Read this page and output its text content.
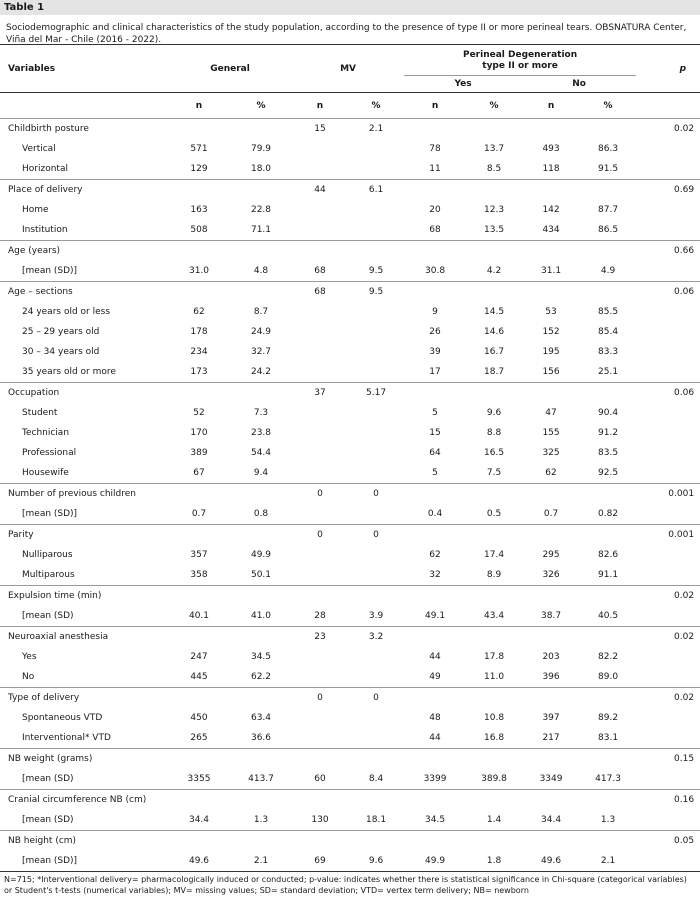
Table 1
Sociodemographic and clinical characteristics of the study population, according to the presence of type II or more perineal tears. OBSNATURA Center, Viña del Mar - Chile (2016 - 2022).
Variables	General		MV		Perineal Degeneration
type II or more				p
					Yes		No		
	n	%	n	%	n	%	n	%	
Childbirth posture			15	2.1					0.02
Vertical	571	79.9			78	13.7	493	86.3	
Horizontal	129	18.0			11	8.5	118	91.5	
Place of delivery			44	6.1					0.69
Home	163	22.8			20	12.3	142	87.7	
Institution	508	71.1			68	13.5	434	86.5	
Age (years)									0.66
[mean (SD)]	31.0	4.8	68	9.5	30.8	4.2	31.1	4.9	
Age – sections			68	9.5					0.06
24 years old or less	62	8.7			9	14.5	53	85.5	
25 – 29 years old	178	24.9			26	14.6	152	85.4	
30 – 34 years old	234	32.7			39	16.7	195	83.3	
35 years old or more	173	24.2			17	18.7	156	25.1	
Occupation			37	5.17					0.06
Student	52	7.3			5	9.6	47	90.4	
Technician	170	23.8			15	8.8	155	91.2	
Professional	389	54.4			64	16.5	325	83.5	
Housewife	67	9.4			5	7.5	62	92.5	
Number of previous children			0	0					0.001
[mean (SD)]	0.7	0.8			0.4	0.5	0.7	0.82	
Parity			0	0					0.001
Nulliparous	357	49.9			62	17.4	295	82.6	
Multiparous	358	50.1			32	8.9	326	91.1	
Expulsion time (min)									0.02
[mean (SD)	40.1	41.0	28	3.9	49.1	43.4	38.7	40.5	
Neuroaxial anesthesia			23	3.2					0.02
Yes	247	34.5			44	17.8	203	82.2	
No	445	62.2			49	11.0	396	89.0	
Type of delivery			0	0					0.02
Spontaneous VTD	450	63.4			48	10.8	397	89.2	
Interventional* VTD	265	36.6			44	16.8	217	83.1	
NB weight (grams)									0.15
[mean (SD)	3355	413.7	60	8.4	3399	389.8	3349	417.3	
Cranial circumference NB (cm)									0.16
[mean (SD)	34.4	1.3	130	18.1	34.5	1.4	34.4	1.3	
NB height (cm)									0.05
[mean (SD)]	49.6	2.1	69	9.6	49.9	1.8	49.6	2.1	
N=715; *Interventional delivery= pharmacologically induced or conducted; p-value: indicates whether there is statistical significance in Chi-square (categorical variables) or Student's t-tests (numerical variables); MV= missing values; SD= standard deviation; VTD= vertex term delivery; NB= newborn
